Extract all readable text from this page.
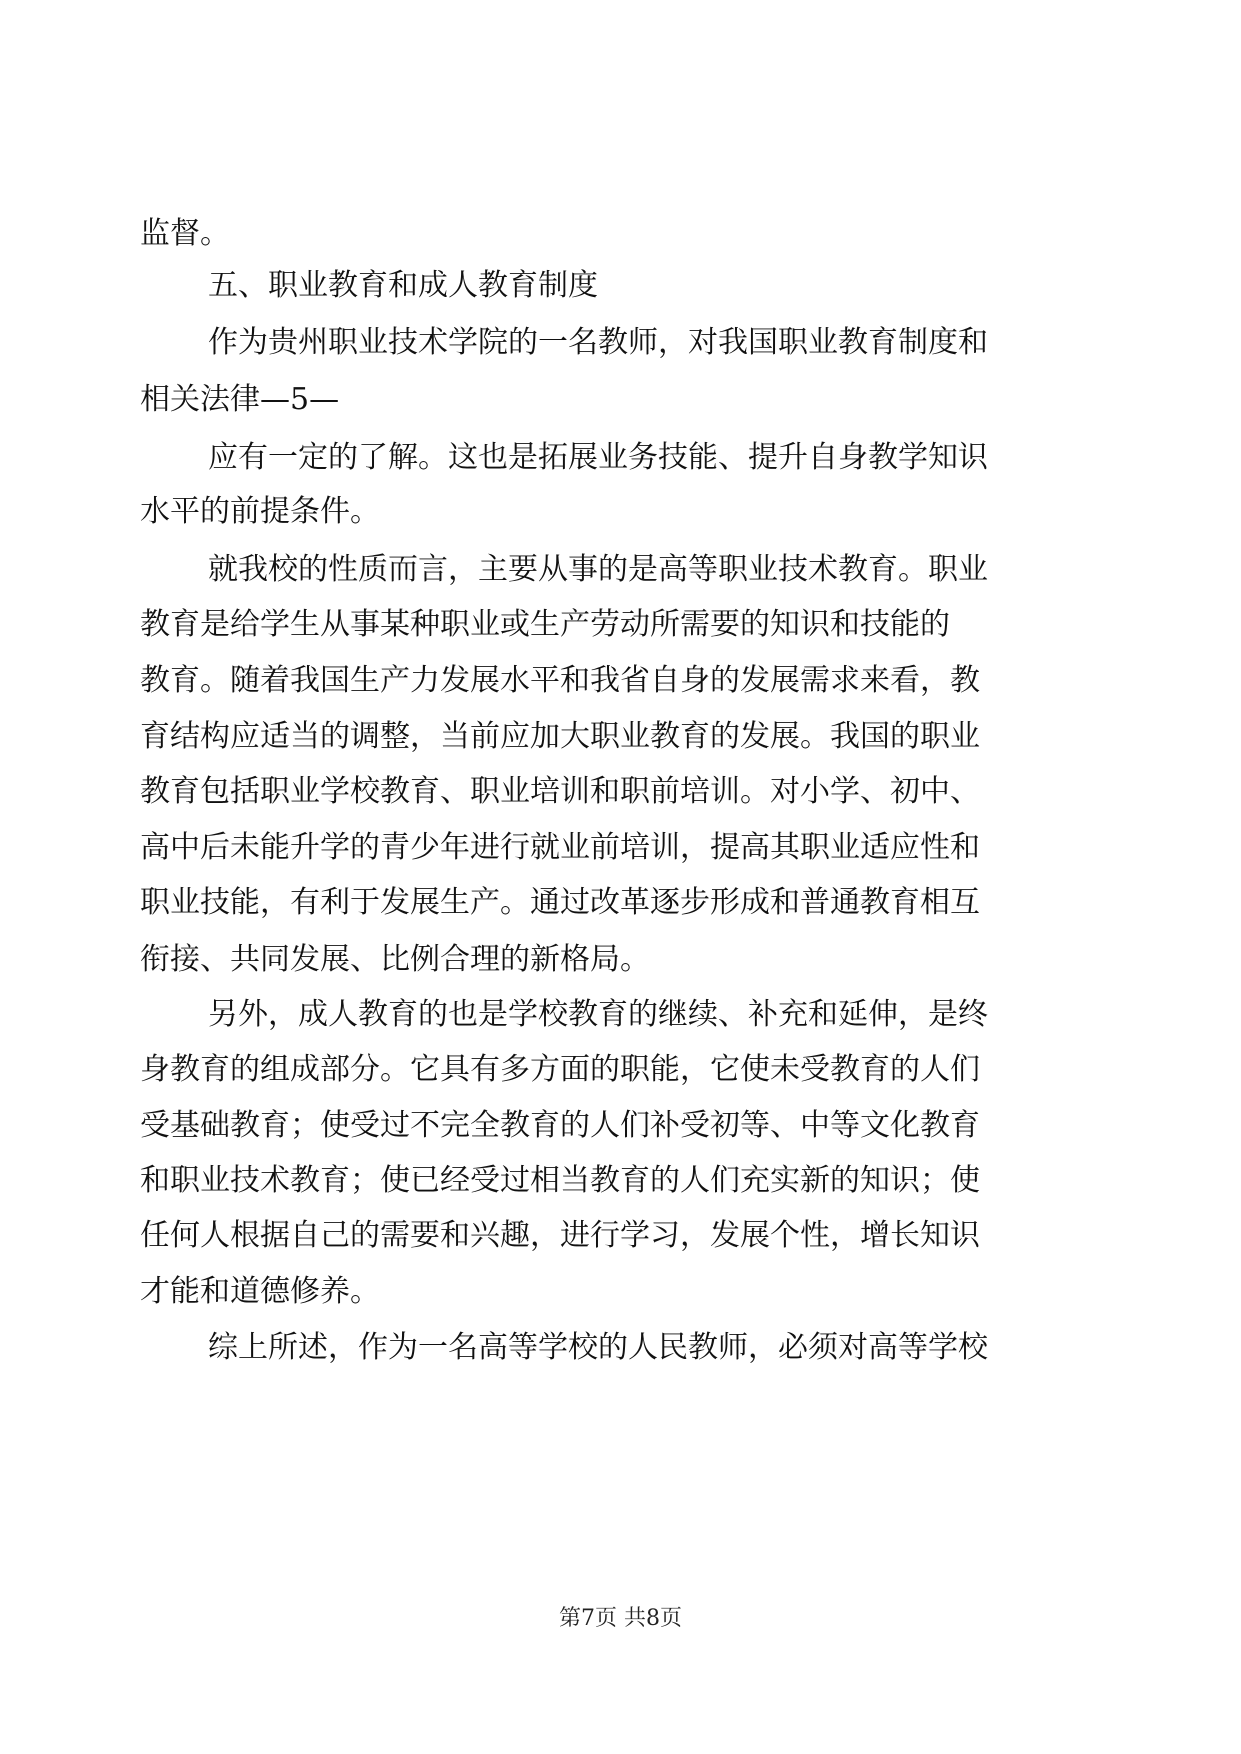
监督。

五、职业教育和成人教育制度

作为贵州职业技术学院的一名教师，对我国职业教育制度和

相关法律—5—

应有一定的了解。这也是拓展业务技能、提升自身教学知识

水平的前提条件。

就我校的性质而言，主要从事的是高等职业技术教育。职业

教育是给学生从事某种职业或生产劳动所需要的知识和技能的

教育。随着我国生产力发展水平和我省自身的发展需求来看，教

育结构应适当的调整，当前应加大职业教育的发展。我国的职业

教育包括职业学校教育、职业培训和职前培训。对小学、初中、

高中后未能升学的青少年进行就业前培训，提高其职业适应性和

职业技能，有利于发展生产。通过改革逐步形成和普通教育相互

衔接、共同发展、比例合理的新格局。

另外，成人教育的也是学校教育的继续、补充和延伸，是终

身教育的组成部分。它具有多方面的职能，它使未受教育的人们

受基础教育；使受过不完全教育的人们补受初等、中等文化教育

和职业技术教育；使已经受过相当教育的人们充实新的知识；使

任何人根据自己的需要和兴趣，进行学习，发展个性，增长知识

才能和道德修养。

综上所述，作为一名高等学校的人民教师，必须对高等学校

第7页 共8页
